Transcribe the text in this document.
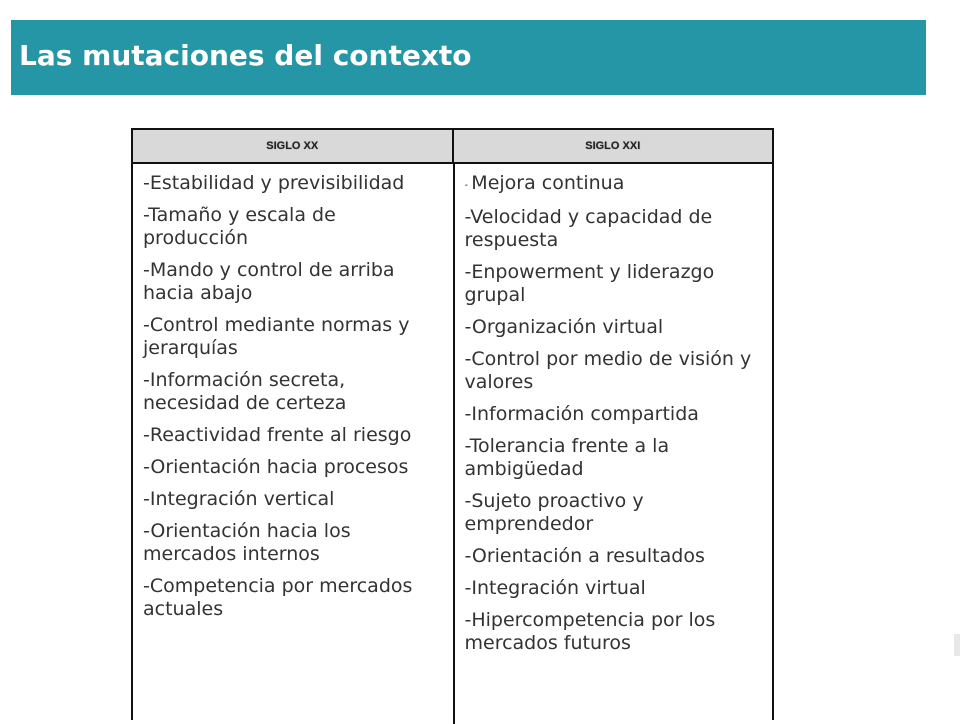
Las mutaciones del contexto
SIGLO XX	SIGLO XXI
-Estabilidad y previsibilidad
-Tamaño y escala de producción
-Mando y control de arriba hacia abajo
-Control mediante normas y jerarquías
-Información secreta, necesidad de certeza
-Reactividad frente al riesgo
-Orientación hacia procesos
-Integración vertical
-Orientación hacia los mercados internos
-Competencia por mercados actuales
- Mejora continua
-Velocidad y capacidad de respuesta
-Enpowerment y liderazgo grupal
-Organización virtual
-Control por medio de visión y valores
-Información compartida
-Tolerancia frente a la ambigüedad
-Sujeto proactivo y emprendedor
-Orientación a resultados
-Integración virtual
-Hipercompetencia por los mercados futuros
